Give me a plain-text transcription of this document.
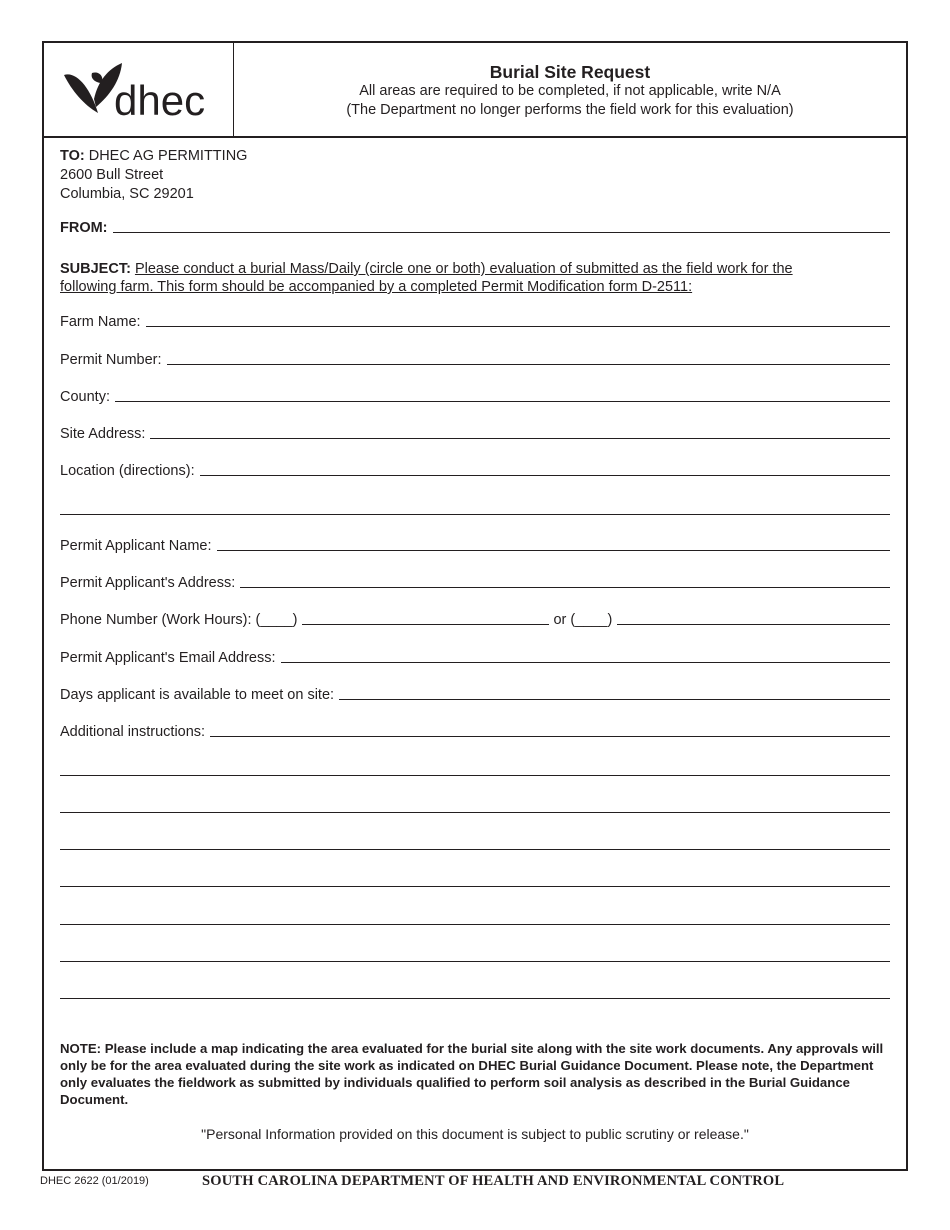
dhec
Burial Site Request
All areas are required to be completed, if not applicable, write N/A
(The Department no longer performs the field work for this evaluation)
TO: DHEC AG PERMITTING
2600 Bull Street
Columbia, SC 29201
FROM:
SUBJECT: Please conduct a burial Mass/Daily (circle one or both) evaluation of submitted as the field work for the
following farm. This form should be accompanied by a completed Permit Modification form D-2511:
Farm Name:
Permit Number:
County:
Site Address:
Location (directions):
Permit Applicant Name:
Permit Applicant's Address:
Phone Number (Work Hours): (____)	or (____)
Permit Applicant's Email Address:
Days applicant is available to meet on site:
Additional instructions:
NOTE: Please include a map indicating the area evaluated for the burial site along with the site work documents. Any approvals will only be for the area evaluated during the site work as indicated on DHEC Burial Guidance Document. Please note, the Department only evaluates the fieldwork as submitted by individuals qualified to perform soil analysis as described in the Burial Guidance Document.
"Personal Information provided on this document is subject to public scrutiny or release."
DHEC 2622 (01/2019)	SOUTH CAROLINA DEPARTMENT OF HEALTH AND ENVIRONMENTAL CONTROL
